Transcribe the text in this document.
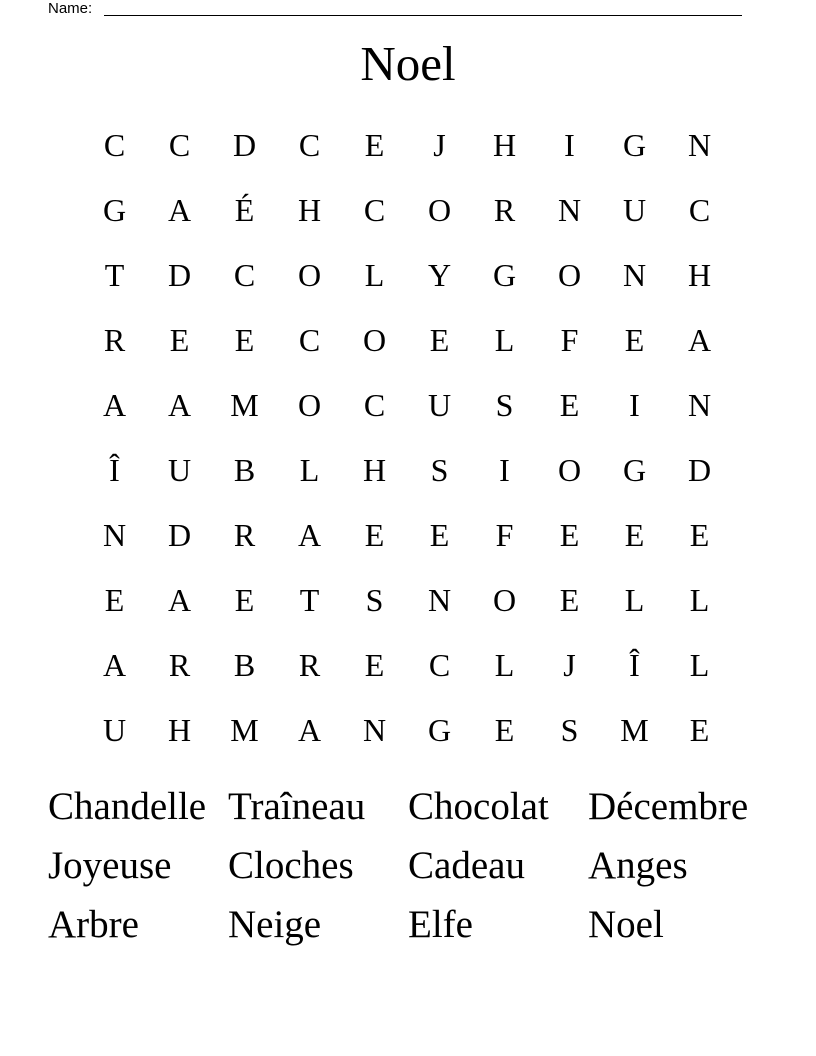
Name:
Noel
C	C	D	C	E	J	H	I	G	N
G	A	É	H	C	O	R	N	U	C
T	D	C	O	L	Y	G	O	N	H
R	E	E	C	O	E	L	F	E	A
A	A	M	O	C	U	S	E	I	N
Î	U	B	L	H	S	I	O	G	D
N	D	R	A	E	E	F	E	E	E
E	A	E	T	S	N	O	E	L	L
A	R	B	R	E	C	L	J	Î	L
U	H	M	A	N	G	E	S	M	E
Chandelle Traîneau	Chocolat	Décembre
Joyeuse	Cloches	Cadeau	Anges
Arbre	Neige	Elfe	Noel
